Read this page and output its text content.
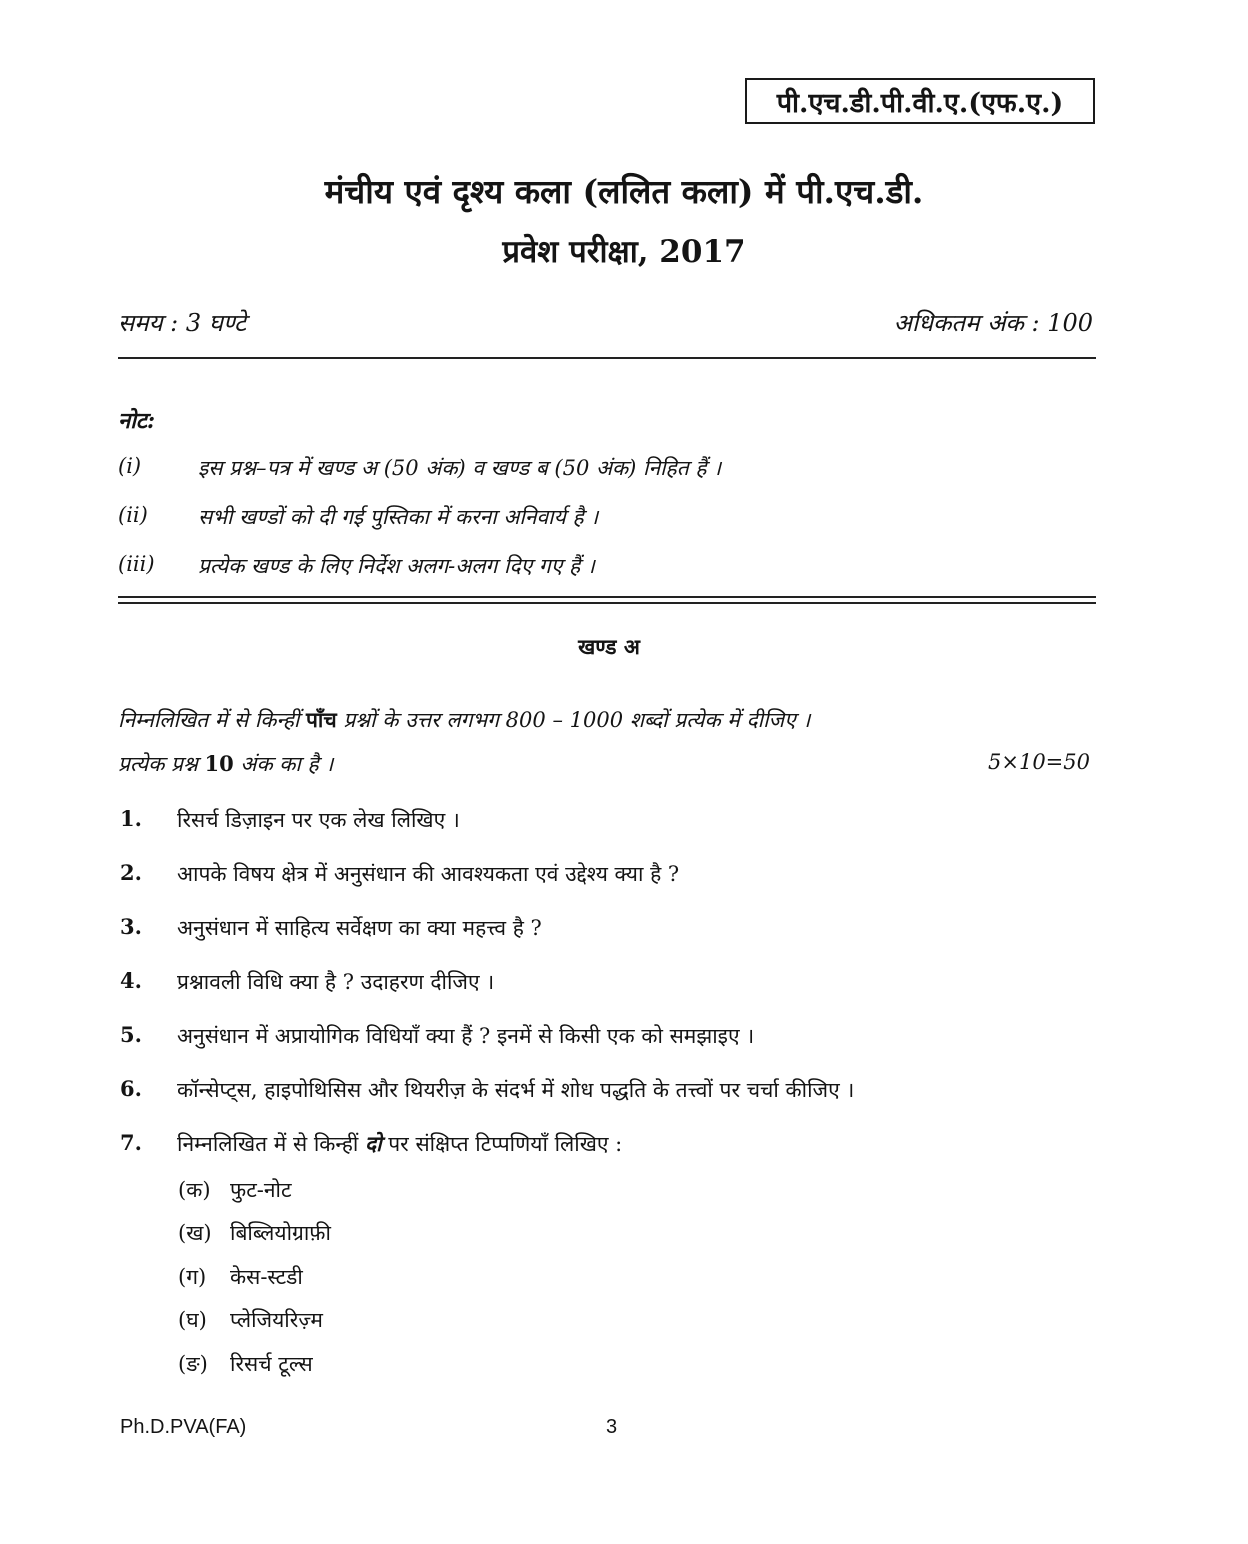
पी.एच.डी.पी.वी.ए.(एफ.ए.)
मंचीय एवं दृश्य कला (ललित कला) में पी.एच.डी.
प्रवेश परीक्षा, 2017
समय : 3 घण्टे	अधिकतम अंक : 100
नोट:
(i)	इस प्रश्न–पत्र में खण्ड अ (50 अंक) व खण्ड ब (50 अंक) निहित हैं ।
(ii) सभी खण्डों को दी गई पुस्तिका में करना अनिवार्य है ।
(iii) प्रत्येक खण्ड के लिए निर्देश अलग-अलग दिए गए हैं ।
खण्ड अ
निम्नलिखित में से किन्हीं पाँच प्रश्नों के उत्तर लगभग 800 – 1000 शब्दों प्रत्येक में दीजिए ।
प्रत्येक प्रश्न 10 अंक का है ।	5×10=50
1. रिसर्च डिज़ाइन पर एक लेख लिखिए ।
2. आपके विषय क्षेत्र में अनुसंधान की आवश्यकता एवं उद्देश्य क्या है ?
3. अनुसंधान में साहित्य सर्वेक्षण का क्या महत्त्व है ?
4. प्रश्नावली विधि क्या है ? उदाहरण दीजिए ।
5. अनुसंधान में अप्रायोगिक विधियाँ क्या हैं ? इनमें से किसी एक को समझाइए ।
6. कॉन्सेप्ट्स, हाइपोथिसिस और थियरीज़ के संदर्भ में शोध पद्धति के तत्त्वों पर चर्चा कीजिए ।
7. निम्नलिखित में से किन्हीं दो पर संक्षिप्त टिप्पणियाँ लिखिए :
(क) फुट-नोट
(ख) बिब्लियोग्राफ़ी
(ग) केस-स्टडी
(घ) प्लेजियरिज़्म
(ङ) रिसर्च टूल्स
Ph.D.PVA(FA)	3
